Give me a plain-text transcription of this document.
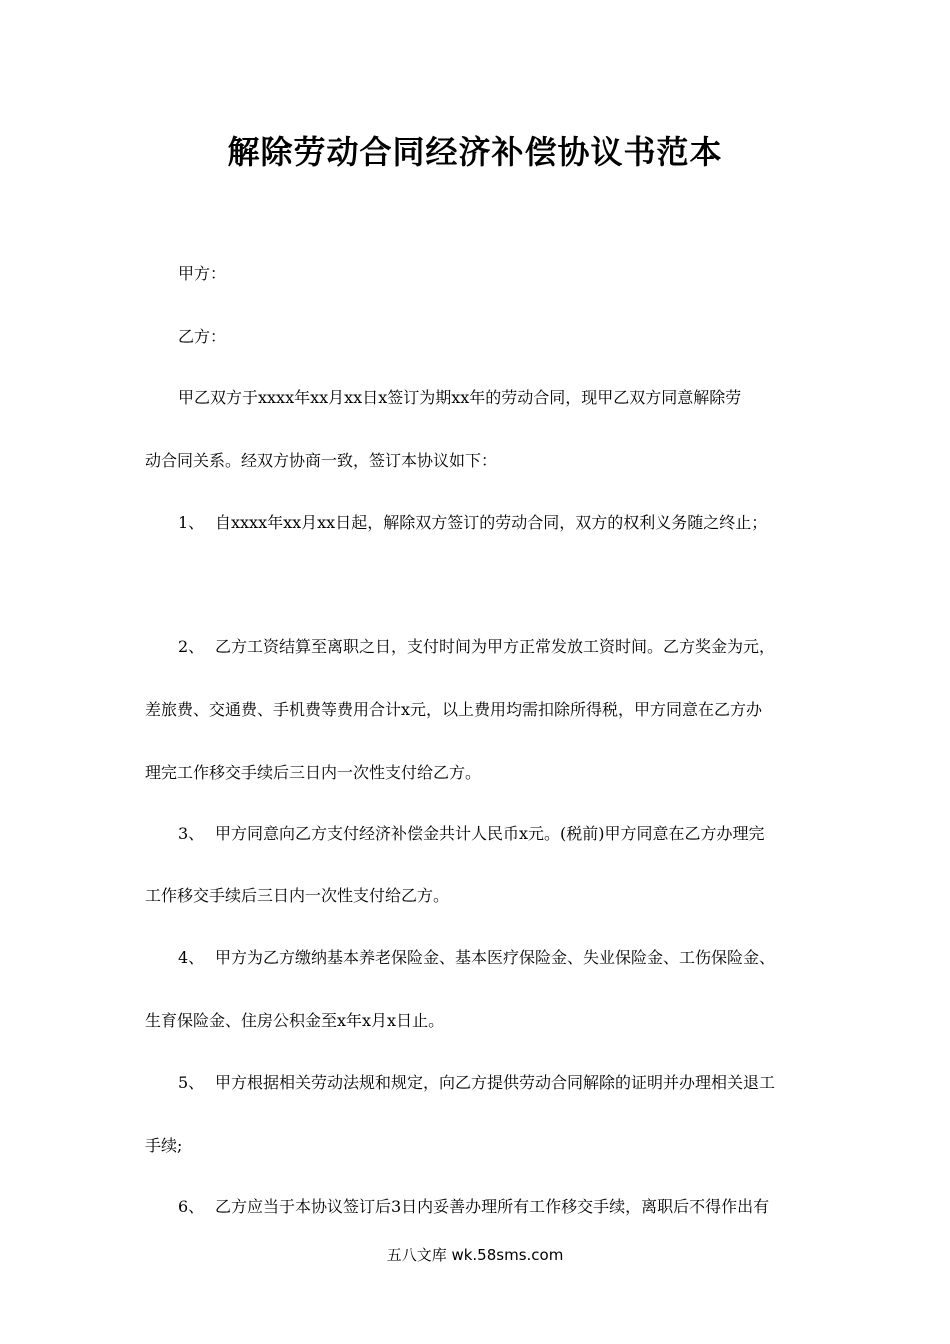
解除劳动合同经济补偿协议书范本
甲方：
乙方：
甲乙双方于xxxx年xx月xx日x签订为期xx年的劳动合同，现甲乙双方同意解除劳
动合同关系。经双方协商一致，签订本协议如下：
1、 自xxxx年xx月xx日起，解除双方签订的劳动合同，双方的权利义务随之终止；
2、 乙方工资结算至离职之日，支付时间为甲方正常发放工资时间。乙方奖金为元，
差旅费、交通费、手机费等费用合计x元，以上费用均需扣除所得税，甲方同意在乙方办
理完工作移交手续后三日内一次性支付给乙方。
3、 甲方同意向乙方支付经济补偿金共计人民币x元。(税前)甲方同意在乙方办理完
工作移交手续后三日内一次性支付给乙方。
4、 甲方为乙方缴纳基本养老保险金、基本医疗保险金、失业保险金、工伤保险金、
生育保险金、住房公积金至x年x月x日止。
5、 甲方根据相关劳动法规和规定，向乙方提供劳动合同解除的证明并办理相关退工
手续;
6、 乙方应当于本协议签订后3日内妥善办理所有工作移交手续，离职后不得作出有
五八文库 wk.58sms.com
